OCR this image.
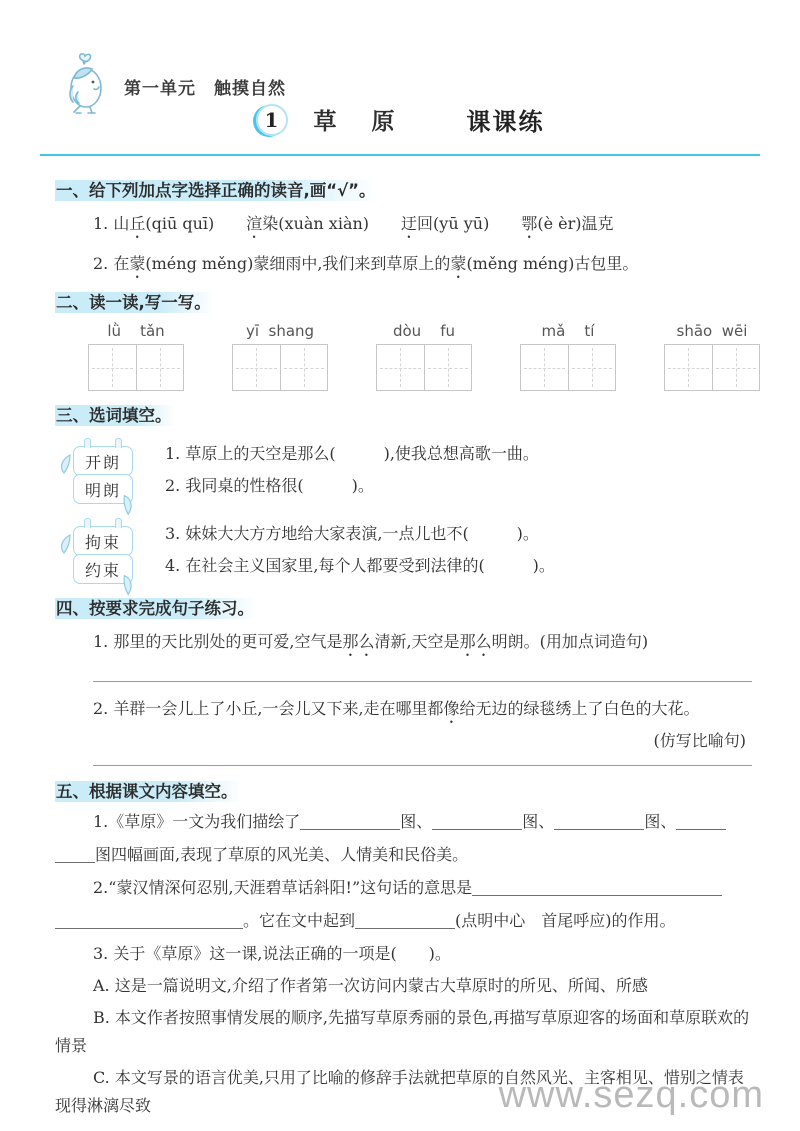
第一单元　触摸自然
1	草　原	课课练
一、给下列加点字选择正确的读音,画“√”。
1. 山丘(qiū quī)　　渲染(xuàn xiàn)　　迂回(yū yū)　　鄂(è èr)温克
2. 在蒙(méng měng)蒙细雨中,我们来到草原上的蒙(měng méng)古包里。
二、读一读,写一写。
lǜ    tǎn	yī  shang	dòu    fu	mǎ    tí	shāo  wēi
三、选词填空。
开朗
明朗
1. 草原上的天空是那么(　　　),使我总想高歌一曲。
2. 我同桌的性格很(　　　)。
拘束
约束
3. 妹妹大大方方地给大家表演,一点儿也不(　　　)。
4. 在社会主义国家里,每个人都要受到法律的(　　　)。
四、按要求完成句子练习。
1. 那里的天比别处的更可爱,空气是那么清新,天空是那么明朗。(用加点词造句)
2. 羊群一会儿上了小丘,一会儿又下来,走在哪里都像给无边的绿毯绣上了白色的大花。
(仿写比喻句)
五、根据课文内容填空。
1.《草原》一文为我们描绘了	图、	图、	图、
图四幅画面,表现了草原的风光美、人情美和民俗美。
2.“蒙汉情深何忍别,天涯碧草话斜阳!”这句话的意思是
。它在文中起到	(点明中心　首尾呼应)的作用。
3. 关于《草原》这一课,说法正确的一项是(　　)。
A. 这是一篇说明文,介绍了作者第一次访问内蒙古大草原时的所见、所闻、所感
B. 本文作者按照事情发展的顺序,先描写草原秀丽的景色,再描写草原迎客的场面和草原联欢的情景
C. 本文写景的语言优美,只用了比喻的修辞手法就把草原的自然风光、主客相见、惜别之情表现得淋漓尽致	www.sezq.com
